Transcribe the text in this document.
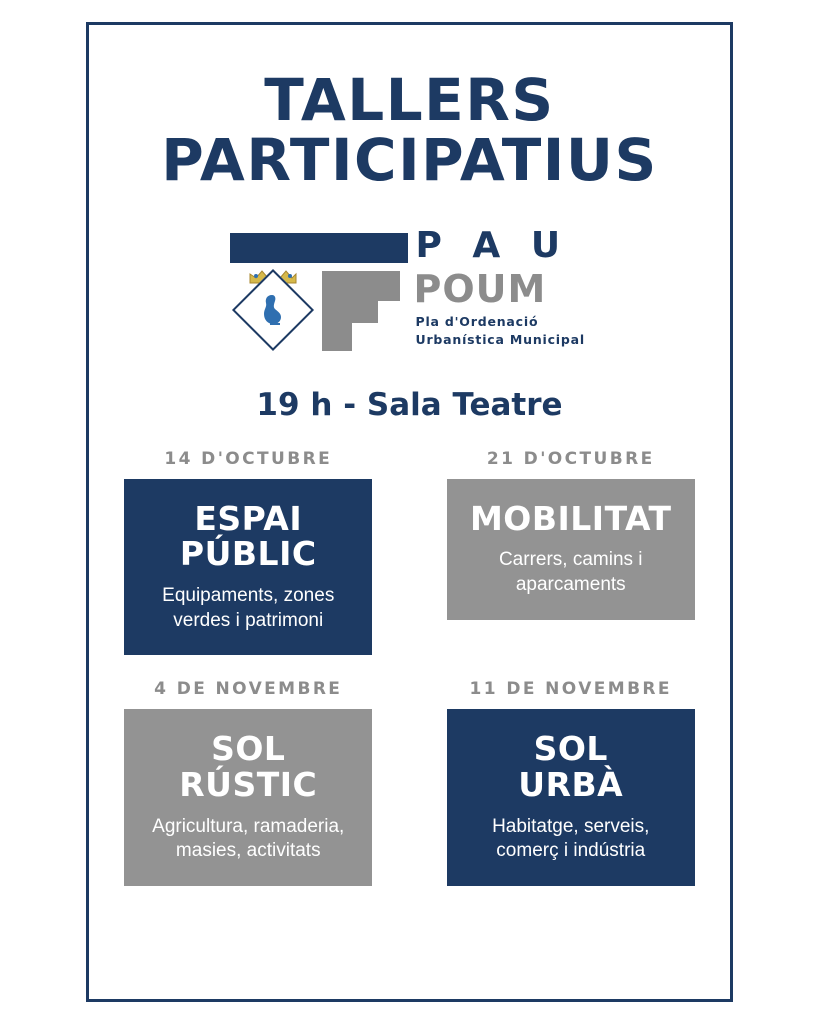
TALLERS
PARTICIPATIUS
P A U
POUM
Pla d'Ordenació
Urbanística Municipal
19 h - Sala Teatre
14 D'OCTUBRE
ESPAI
PÚBLIC
Equipaments, zones
verdes i patrimoni
21 D'OCTUBRE
MOBILITAT
Carrers, camins i
aparcaments
4 DE NOVEMBRE
SOL
RÚSTIC
Agricultura, ramaderia,
masies, activitats
11 DE NOVEMBRE
SOL
URBÀ
Habitatge, serveis,
comerç i indústria
